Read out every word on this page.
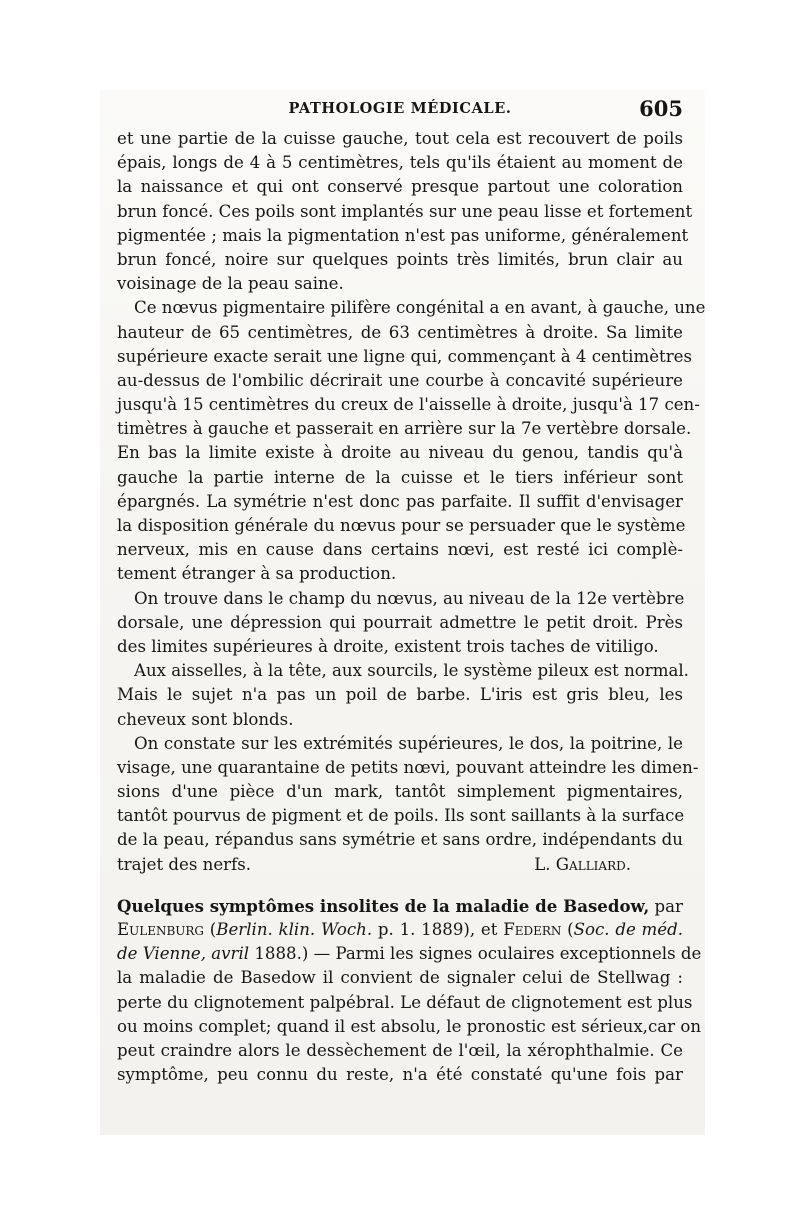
PATHOLOGIE MÉDICALE.	605
et une partie de la cuisse gauche, tout cela est recouvert de poils
épais, longs de 4 à 5 centimètres, tels qu'ils étaient au moment de
la naissance et qui ont conservé presque partout une coloration
brun foncé. Ces poils sont implantés sur une peau lisse et fortement
pigmentée ; mais la pigmentation n'est pas uniforme, généralement
brun foncé, noire sur quelques points très limités, brun clair au
voisinage de la peau saine.
Ce nœvus pigmentaire pilifère congénital a en avant, à gauche, une
hauteur de 65 centimètres, de 63 centimètres à droite. Sa limite
supérieure exacte serait une ligne qui, commençant à 4 centimètres
au-dessus de l'ombilic décrirait une courbe à concavité supérieure
jusqu'à 15 centimètres du creux de l'aisselle à droite, jusqu'à 17 cen-
timètres à gauche et passerait en arrière sur la 7e vertèbre dorsale.
En bas la limite existe à droite au niveau du genou, tandis qu'à
gauche la partie interne de la cuisse et le tiers inférieur sont
épargnés. La symétrie n'est donc pas parfaite. Il suffit d'envisager
la disposition générale du nœvus pour se persuader que le système
nerveux, mis en cause dans certains nœvi, est resté ici complè-
tement étranger à sa production.
On trouve dans le champ du nœvus, au niveau de la 12e vertèbre
dorsale, une dépression qui pourrait admettre le petit droit. Près
des limites supérieures à droite, existent trois taches de vitiligo.
Aux aisselles, à la tête, aux sourcils, le système pileux est normal.
Mais le sujet n'a pas un poil de barbe. L'iris est gris bleu, les
cheveux sont blonds.
On constate sur les extrémités supérieures, le dos, la poitrine, le
visage, une quarantaine de petits nœvi, pouvant atteindre les dimen-
sions d'une pièce d'un mark, tantôt simplement pigmentaires,
tantôt pourvus de pigment et de poils. Ils sont saillants à la surface
de la peau, répandus sans symétrie et sans ordre, indépendants du
trajet des nerfs.	L. Galliard.
Quelques symptômes insolites de la maladie de Basedow, par
Eulenburg (Berlin. klin. Woch. p. 1. 1889), et Federn (Soc. de méd.
de Vienne, avril 1888.) — Parmi les signes oculaires exceptionnels de
la maladie de Basedow il convient de signaler celui de Stellwag :
perte du clignotement palpébral. Le défaut de clignotement est plus
ou moins complet; quand il est absolu, le pronostic est sérieux,car on
peut craindre alors le dessèchement de l'œil, la xérophthalmie. Ce
symptôme, peu connu du reste, n'a été constaté qu'une fois par
